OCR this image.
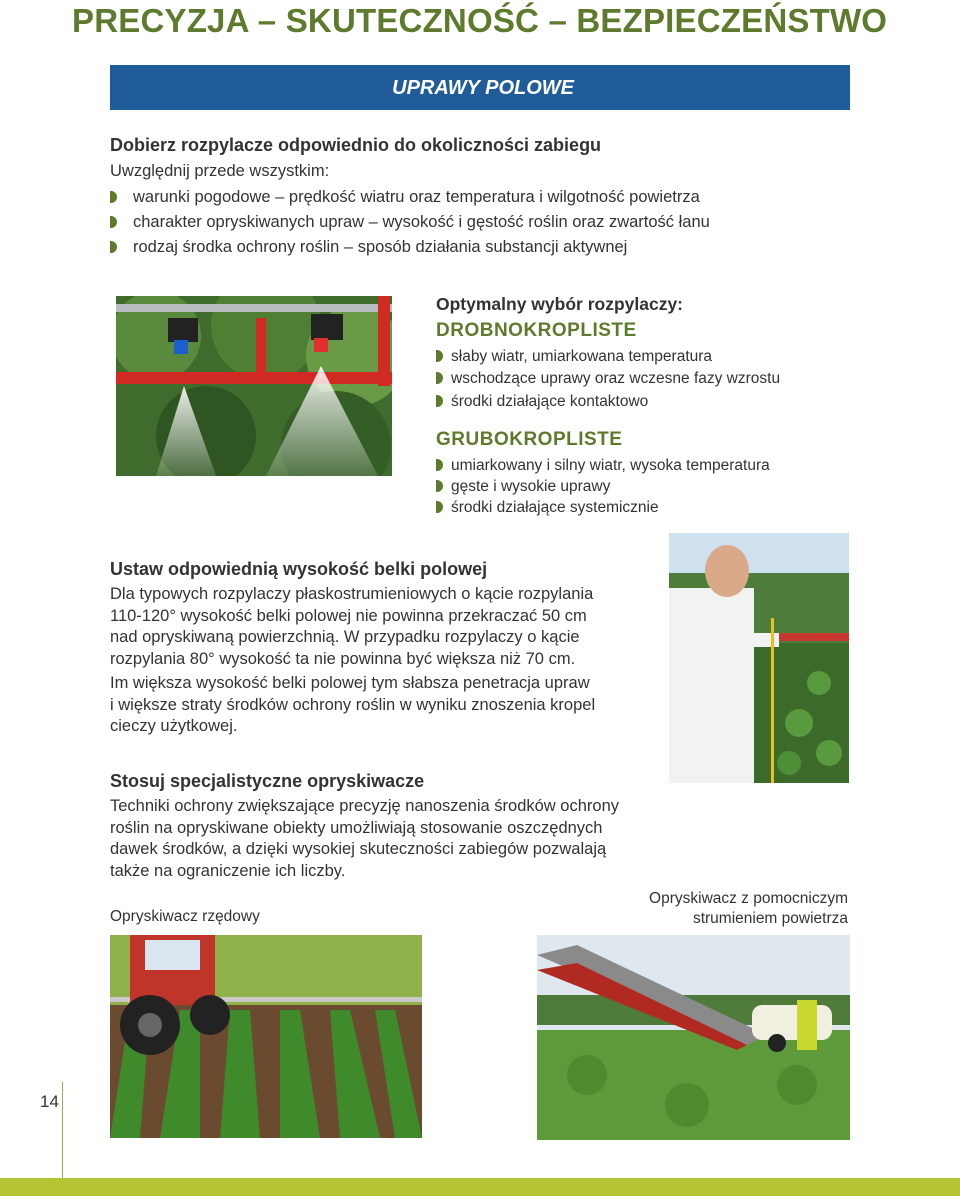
PRECYZJA – SKUTECZNOŚĆ – BEZPIECZEŃSTWO
UPRAWY POLOWE
Dobierz rozpylacze odpowiednio do okoliczności zabiegu
Uwzględnij przede wszystkim:
warunki pogodowe – prędkość wiatru oraz temperatura i wilgotność powietrza
charakter opryskiwanych upraw – wysokość i gęstość roślin oraz zwartość łanu
rodzaj środka ochrony roślin – sposób działania substancji aktywnej
Optymalny wybór rozpylaczy:
DROBNOKROPLISTE
słaby wiatr, umiarkowana temperatura
wschodzące uprawy oraz wczesne fazy wzrostu
środki działające kontaktowo
GRUBOKROPLISTE
umiarkowany i silny wiatr, wysoka temperatura
gęste i wysokie uprawy
środki działające systemicznie
Ustaw odpowiednią wysokość belki polowej
Dla typowych rozpylaczy płaskostrumieniowych o kącie rozpylania
110-120° wysokość belki polowej nie powinna przekraczać 50 cm
nad opryskiwaną powierzchnią. W przypadku rozpylaczy o kącie
rozpylania 80° wysokość ta nie powinna być większa niż 70 cm.
Im większa wysokość belki polowej tym słabsza penetracja upraw
i większe straty środków ochrony roślin w wyniku znoszenia kropel
cieczy użytkowej.
Stosuj specjalistyczne opryskiwacze
Techniki ochrony zwiększające precyzję nanoszenia środków ochrony
roślin na opryskiwane obiekty umożliwiają stosowanie oszczędnych
dawek środków, a dzięki wysokiej skuteczności zabiegów pozwalają
także na ograniczenie ich liczby.
Opryskiwacz rzędowy
Opryskiwacz z pomocniczym
strumieniem powietrza
14
